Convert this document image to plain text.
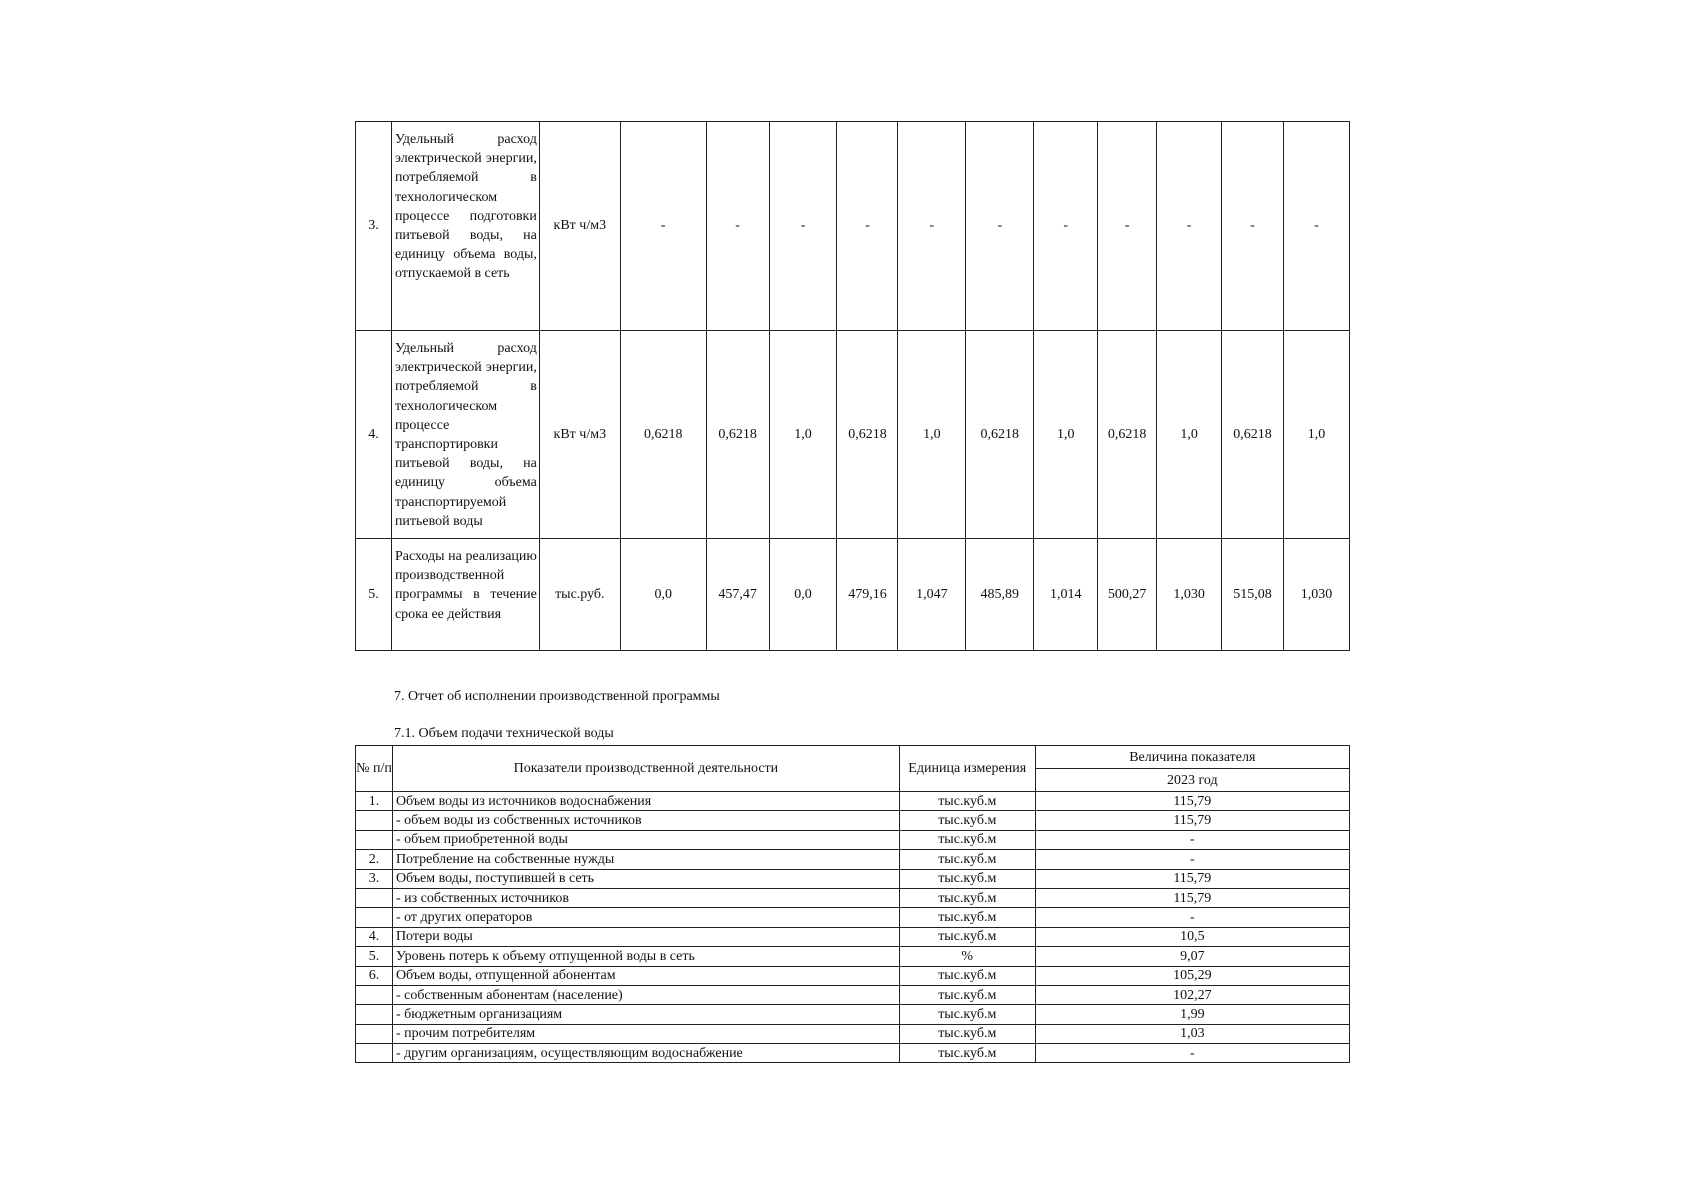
3.	Удельный расход электрической энергии, потребляемой в технологическом процессе подготовки питьевой воды, на единицу объема воды, отпускаемой в сеть	кВт ч/м3	-	-	-	-	-	-	-	-	-	-	-
4.	Удельный расход электрической энергии, потребляемой в технологическом процессе транспортировки питьевой воды, на единицу объема транспортируемой питьевой воды	кВт ч/м3	0,6218	0,6218	1,0	0,6218	1,0	0,6218	1,0	0,6218	1,0	0,6218	1,0
5.	Расходы на реализацию производственной программы в течение срока ее действия	тыс.руб.	0,0	457,47	0,0	479,16	1,047	485,89	1,014	500,27	1,030	515,08	1,030
7. Отчет об исполнении производственной программы
7.1. Объем подачи технической воды
№ п/п	Показатели производственной деятельности	Единица измерения	Величина показателя
			2023 год
1.	Объем воды из источников водоснабжения	тыс.куб.м	115,79
	- объем воды из собственных источников	тыс.куб.м	115,79
	- объем приобретенной воды	тыс.куб.м	-
2.	Потребление на собственные нужды	тыс.куб.м	-
3.	Объем воды, поступившей в сеть	тыс.куб.м	115,79
	- из собственных источников	тыс.куб.м	115,79
	- от других операторов	тыс.куб.м	-
4.	Потери воды	тыс.куб.м	10,5
5.	Уровень потерь к объему отпущенной воды в сеть	%	9,07
6.	Объем воды, отпущенной абонентам	тыс.куб.м	105,29
	- собственным абонентам (население)	тыс.куб.м	102,27
	- бюджетным организациям	тыс.куб.м	1,99
	- прочим потребителям	тыс.куб.м	1,03
	- другим организациям, осуществляющим водоснабжение	тыс.куб.м	-
